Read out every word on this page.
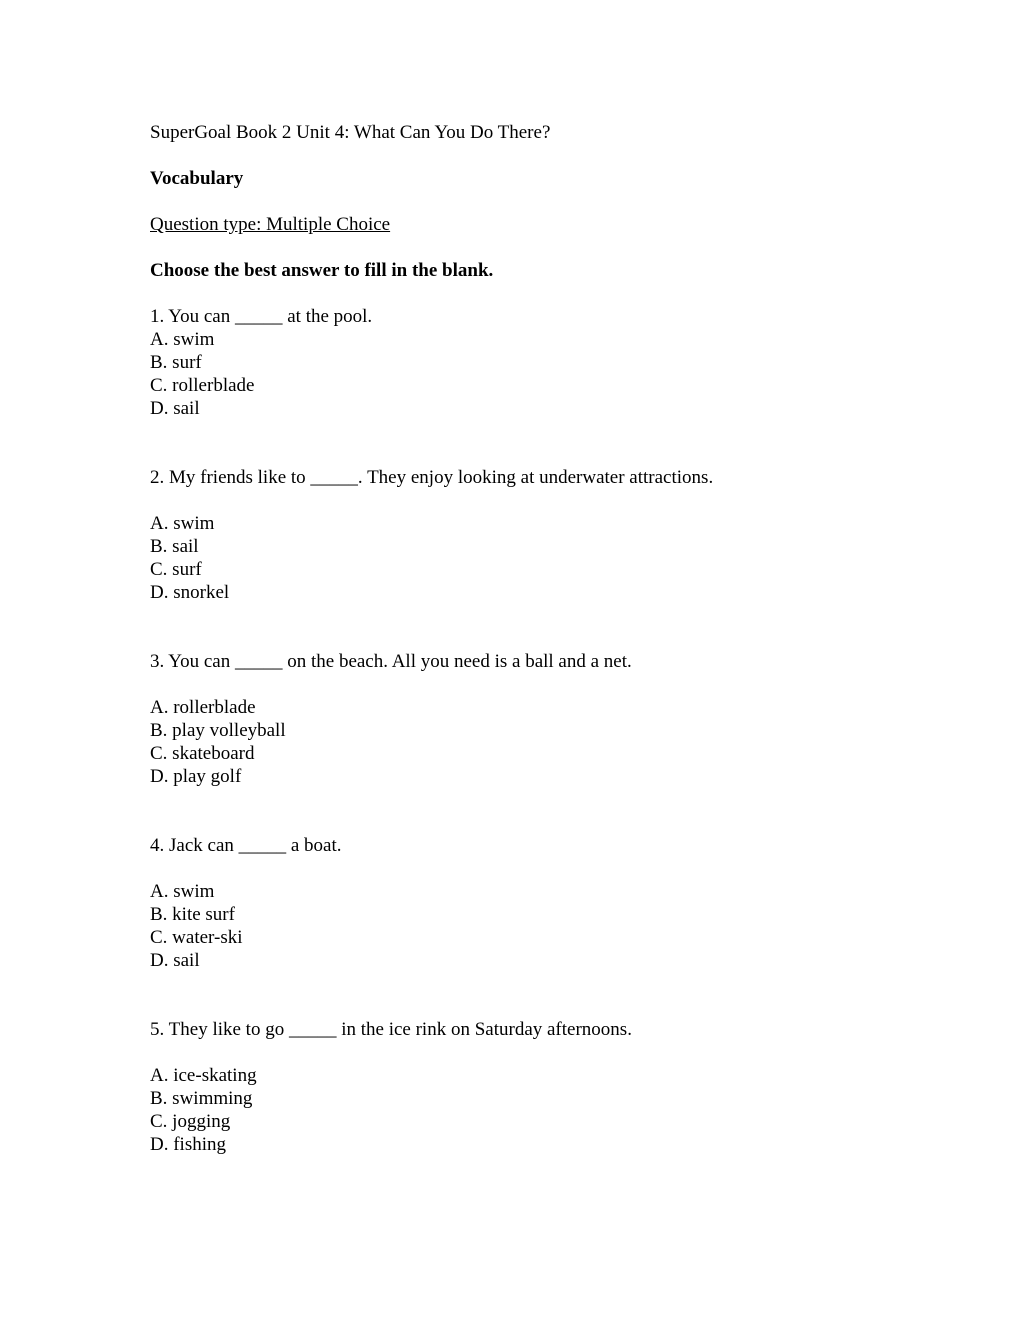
SuperGoal Book 2 Unit 4: What Can You Do There?
Vocabulary
Question type: Multiple Choice
Choose the best answer to fill in the blank.
1. You can _____ at the pool.
A. swim
B. surf
C. rollerblade
D. sail
2. My friends like to _____. They enjoy looking at underwater attractions.
A. swim
B. sail
C. surf
D. snorkel
3. You can _____ on the beach. All you need is a ball and a net.
A. rollerblade
B. play volleyball
C. skateboard
D. play golf
4. Jack can _____ a boat.
A. swim
B. kite surf
C. water-ski
D. sail
5. They like to go _____ in the ice rink on Saturday afternoons.
A. ice-skating
B. swimming
C. jogging
D. fishing
